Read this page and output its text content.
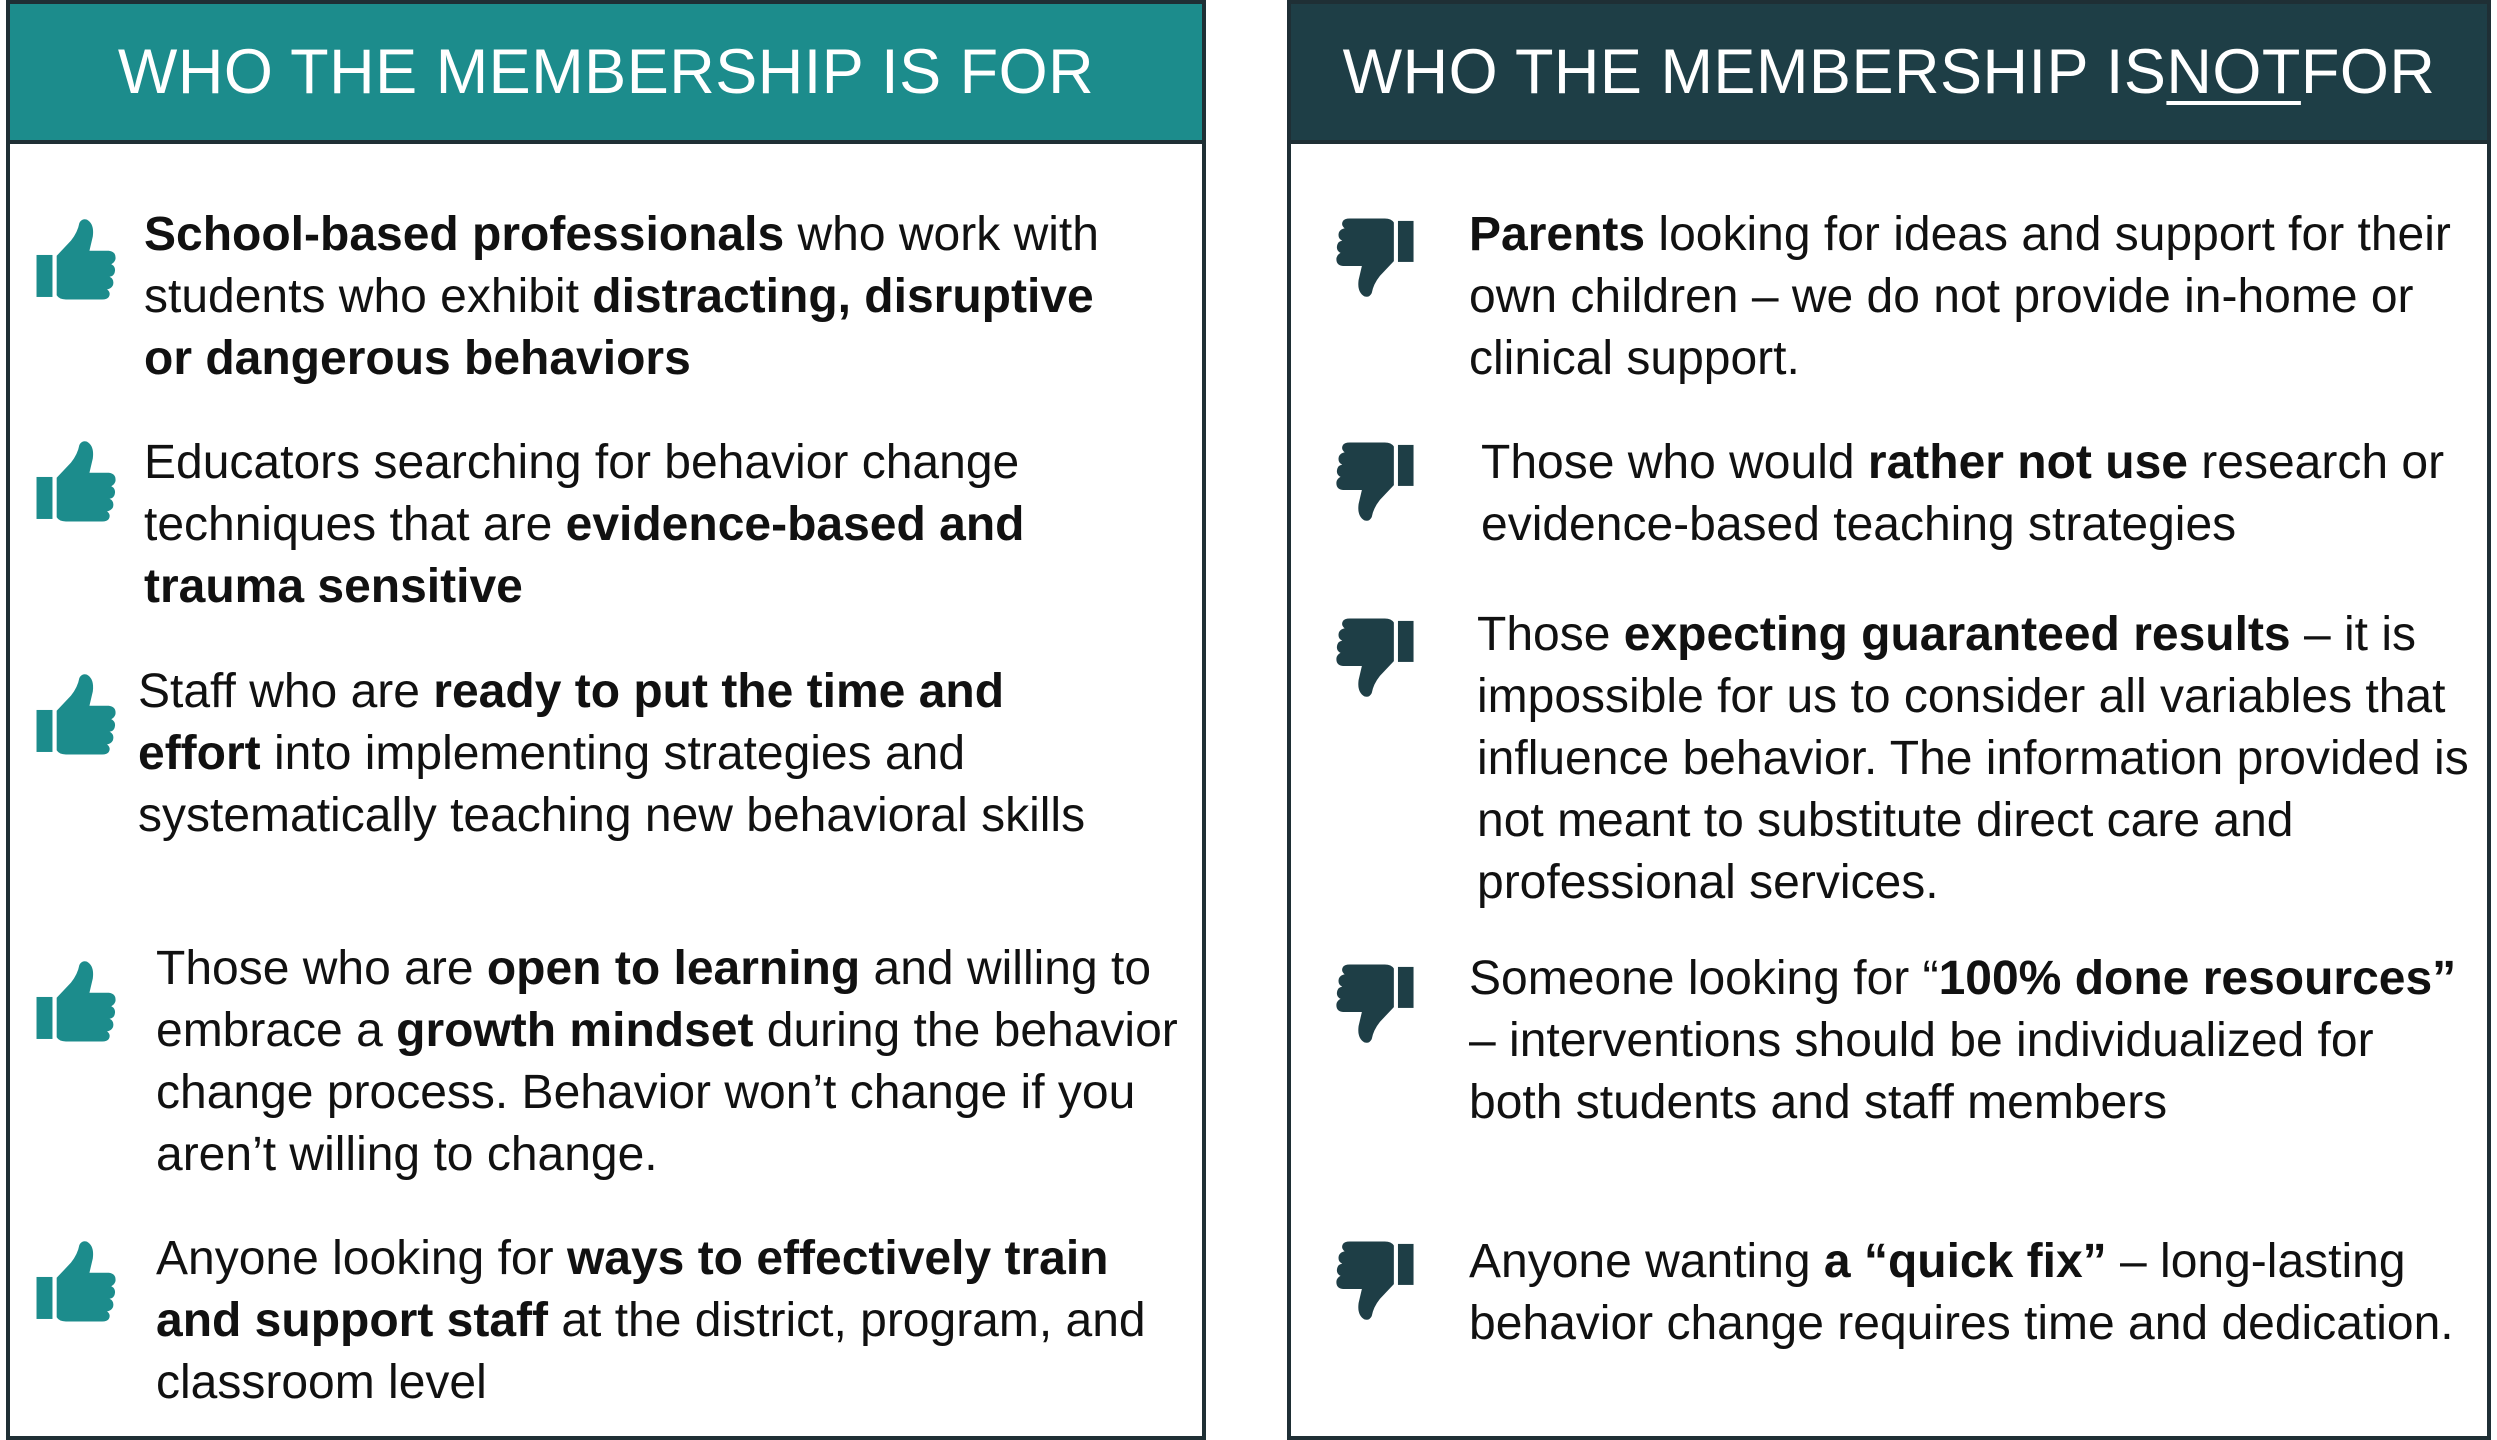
WHO THE MEMBERSHIP IS FOR
School-based professionals who work with students who exhibit distracting, disruptive or dangerous behaviors
Educators searching for behavior change techniques that are evidence-based and trauma sensitive
Staff who are ready to put the time and effort into implementing strategies and systematically teaching new behavioral skills
Those who are open to learning and willing to embrace a growth mindset during the behavior change process. Behavior won’t change if you aren’t willing to change.
Anyone looking for ways to effectively train and support staff at the district, program, and classroom level
WHO THE MEMBERSHIP IS NOT FOR
Parents looking for ideas and support for their own children – we do not provide in-home or clinical support.
Those who would rather not use research or evidence-based teaching strategies
Those expecting guaranteed results – it is impossible for us to consider all variables that influence behavior. The information provided is not meant to substitute direct care and professional services.
Someone looking for “100% done resources” – interventions should be individualized for both students and staff members
Anyone wanting a “quick fix” – long-lasting behavior change requires time and dedication.
